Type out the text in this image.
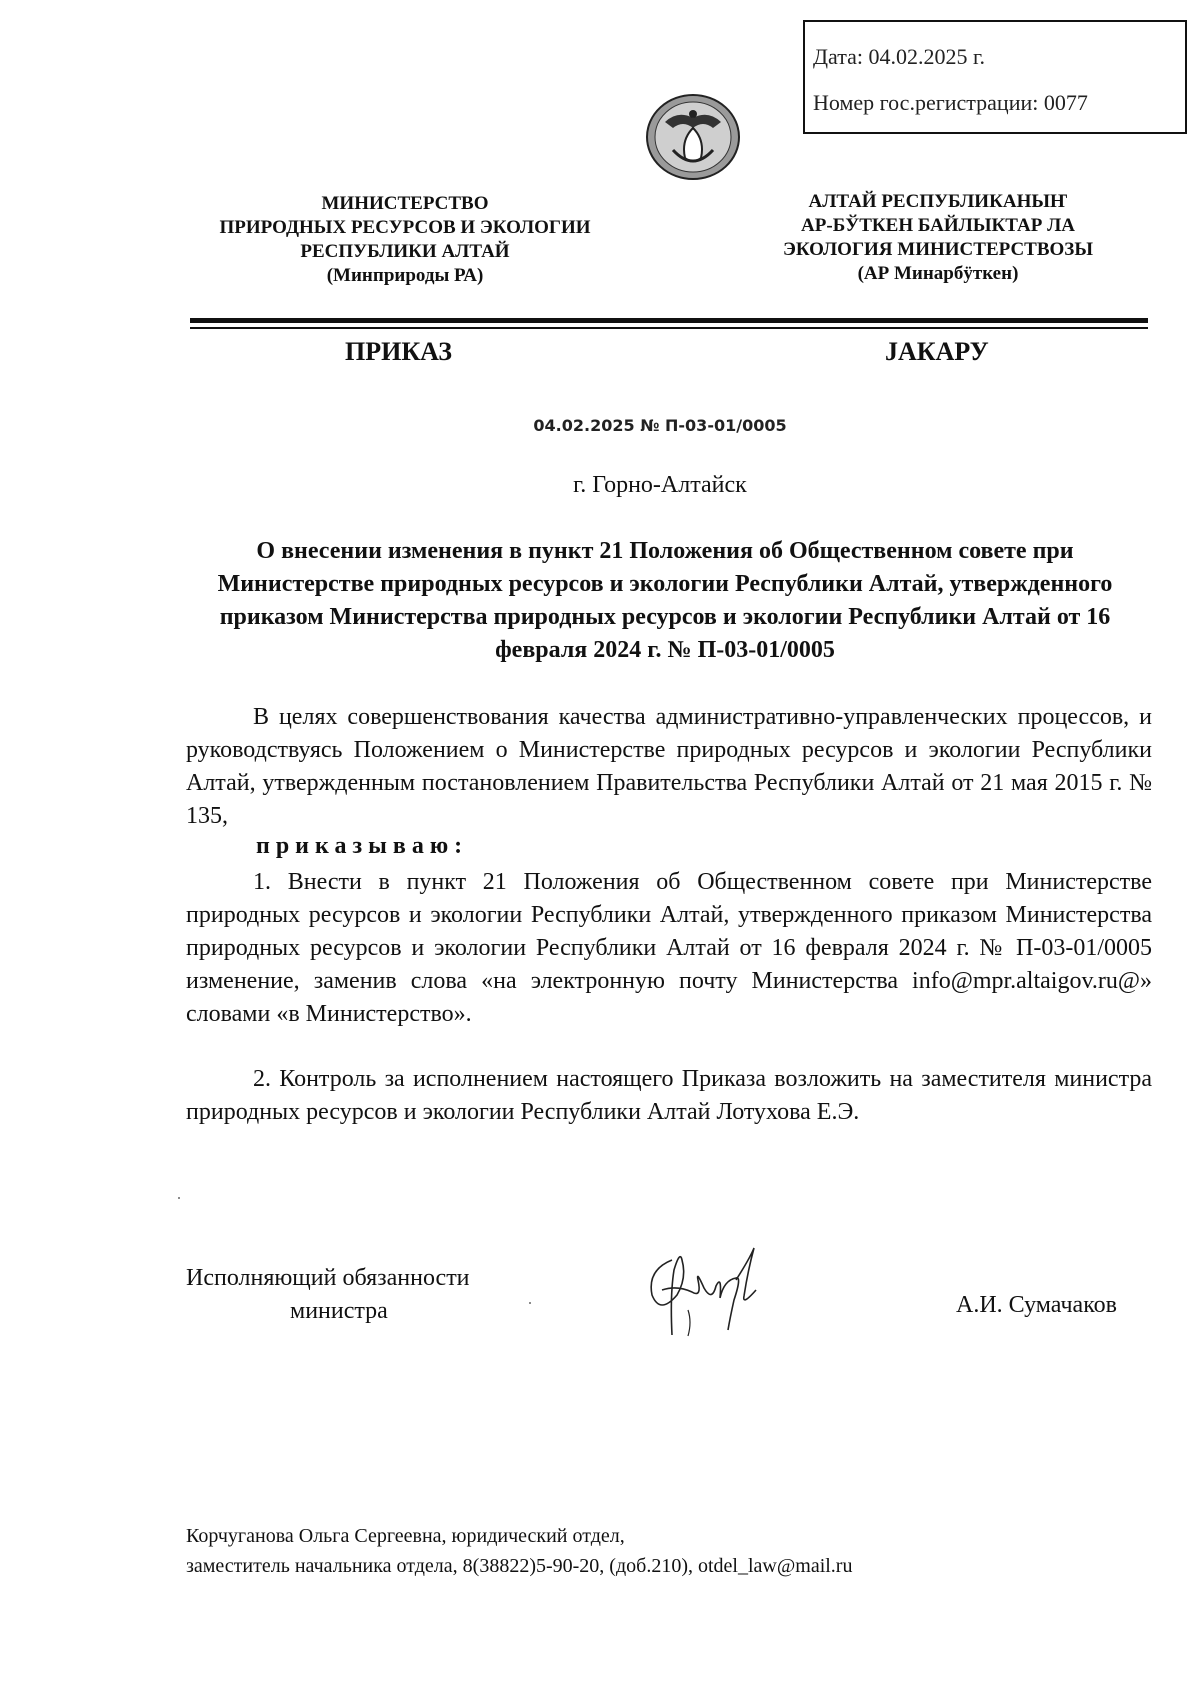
Дата: 04.02.2025 г.
Номер гос.регистрации: 0077
МИНИСТЕРСТВО
ПРИРОДНЫХ РЕСУРСОВ И ЭКОЛОГИИ
РЕСПУБЛИКИ АЛТАЙ
(Минприроды РА)
АЛТАЙ РЕСПУБЛИКАНЫҤ
АР-БЎТКЕН БАЙЛЫКТАР ЛА
ЭКОЛОГИЯ МИНИСТЕРСТВОЗЫ
(АР Минарбӱткен)
ПРИКАЗ	JАКАРУ
04.02.2025 № П-03-01/0005
г. Горно-Алтайск
О внесении изменения в пункт 21 Положения об Общественном совете при Министерстве природных ресурсов и экологии Республики Алтай, утвержденного приказом Министерства природных ресурсов и экологии Республики Алтай от 16 февраля 2024 г. № П-03-01/0005
В целях совершенствования качества административно-управленческих процессов, и руководствуясь Положением о Министерстве природных ресурсов и экологии Республики Алтай, утвержденным постановлением Правительства Республики Алтай от 21 мая 2015 г. № 135,
приказываю:
1. Внести в пункт 21 Положения об Общественном совете при Министерстве природных ресурсов и экологии Республики Алтай, утвержденного приказом Министерства природных ресурсов и экологии Республики Алтай от 16 февраля 2024 г. № П-03-01/0005 изменение, заменив слова «на электронную почту Министерства info@mpr.altaigov.ru@» словами «в Министерство».
2. Контроль за исполнением настоящего Приказа возложить на заместителя министра природных ресурсов и экологии Республики Алтай Лотухова Е.Э.
Исполняющий обязанности
министра	А.И. Сумачаков
Корчуганова Ольга Сергеевна, юридический отдел,
заместитель начальника отдела, 8(38822)5-90-20, (доб.210), otdel_law@mail.ru
